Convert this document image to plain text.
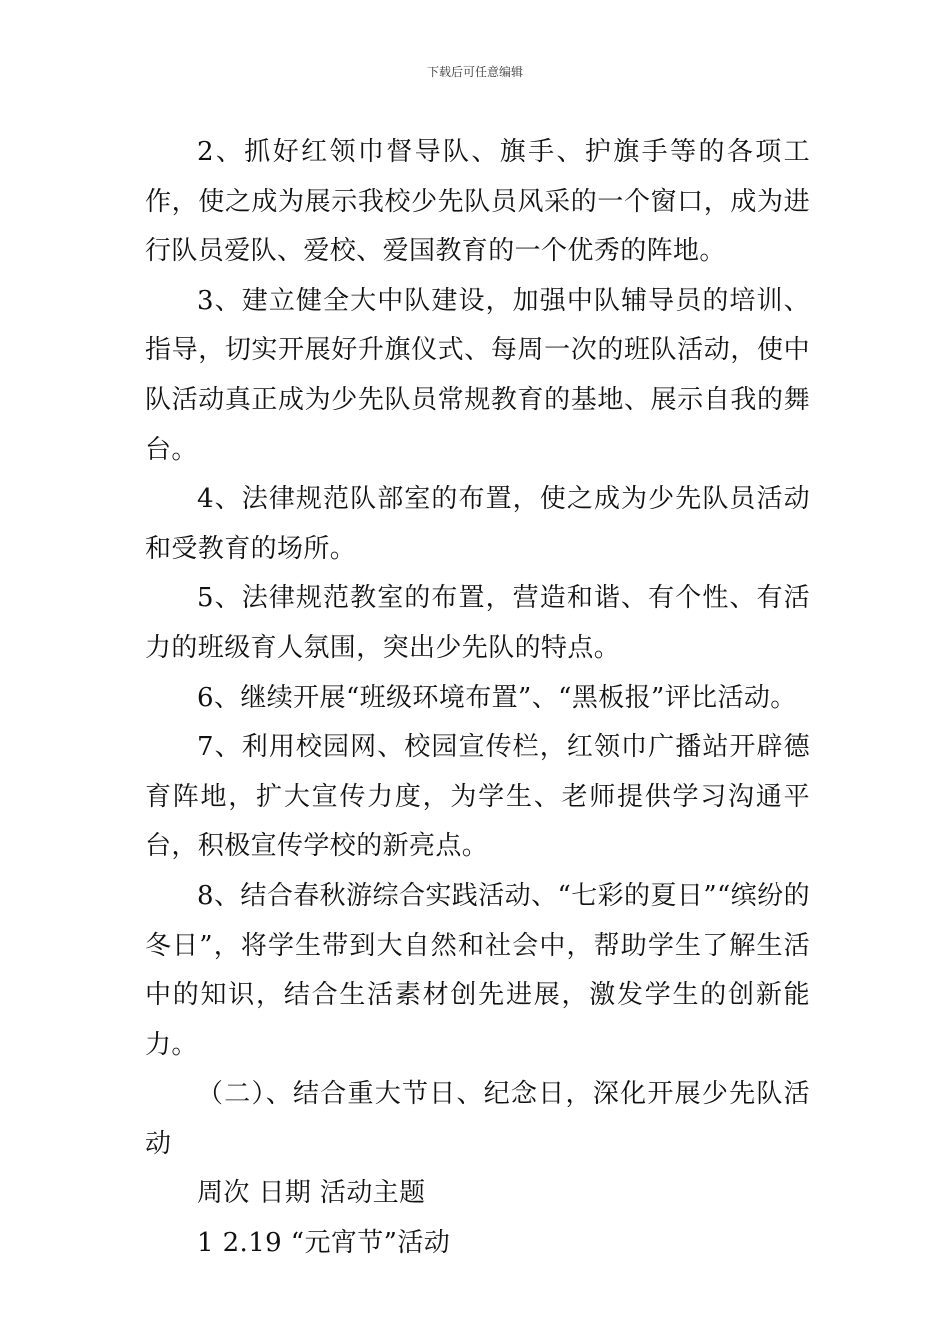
下载后可任意编辑

2、抓好红领巾督导队、旗手、护旗手等的各项工作，使之成为展示我校少先队员风采的一个窗口，成为进行队员爱队、爱校、爱国教育的一个优秀的阵地。

3、建立健全大中队建设，加强中队辅导员的培训、指导，切实开展好升旗仪式、每周一次的班队活动，使中队活动真正成为少先队员常规教育的基地、展示自我的舞台。

4、法律规范队部室的布置，使之成为少先队员活动和受教育的场所。

5、法律规范教室的布置，营造和谐、有个性、有活力的班级育人氛围，突出少先队的特点。

6、继续开展“班级环境布置”、“黑板报”评比活动。

7、利用校园网、校园宣传栏，红领巾广播站开辟德育阵地，扩大宣传力度，为学生、老师提供学习沟通平台，积极宣传学校的新亮点。

8、结合春秋游综合实践活动、“七彩的夏日”“缤纷的冬日”，将学生带到大自然和社会中，帮助学生了解生活中的知识，结合生活素材创先进展，激发学生的创新能力。

（二）、结合重大节日、纪念日，深化开展少先队活动

周次 日期 活动主题

1 2.19 “元宵节”活动
